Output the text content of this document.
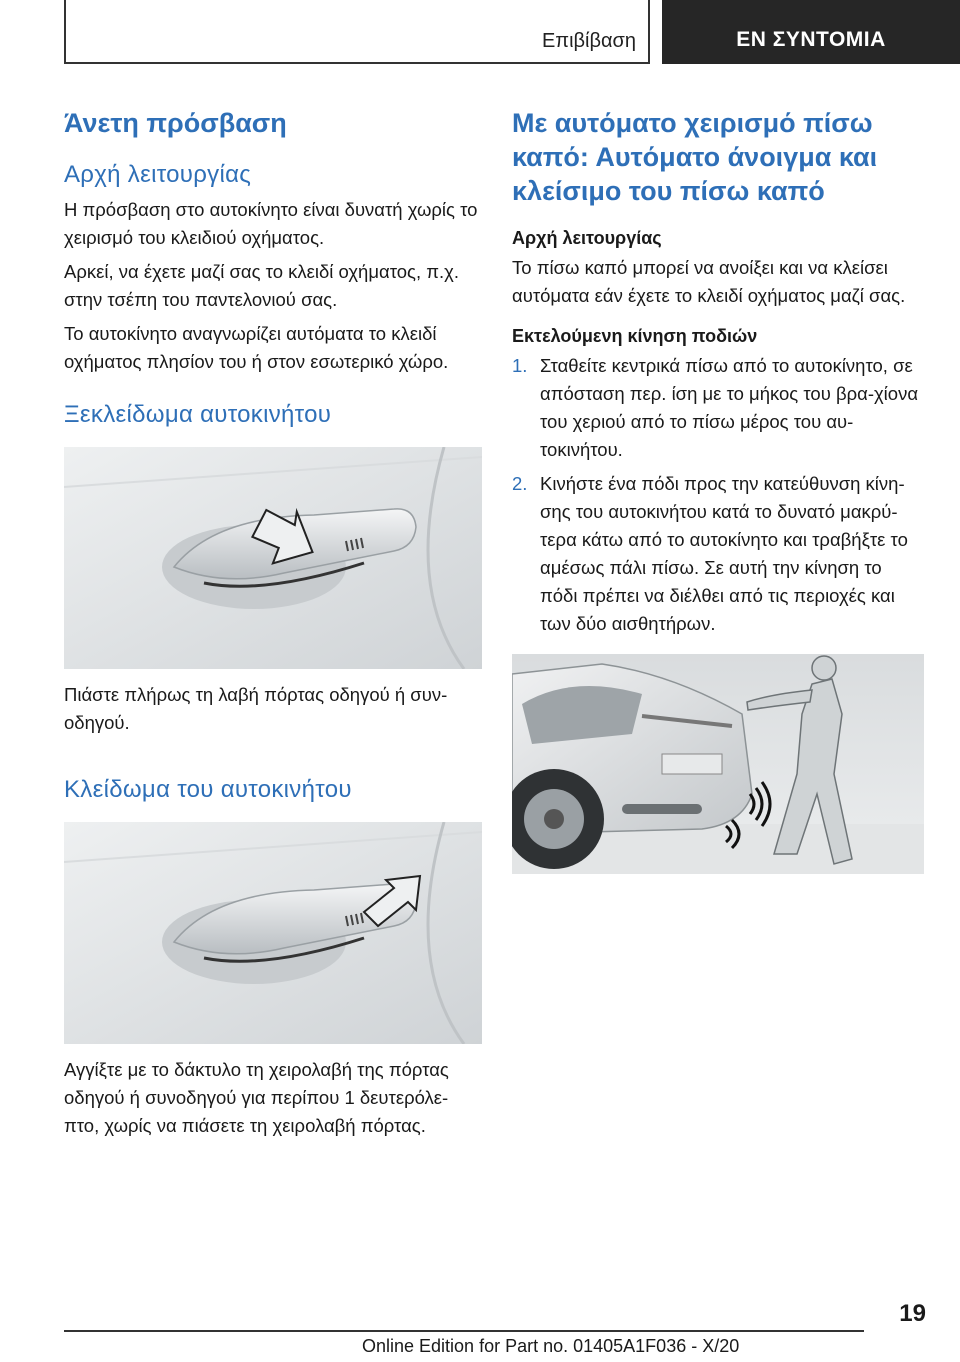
Επιβίβαση	ΕΝ ΣΥΝΤΟΜΙΑ
Άνετη πρόσβαση
Αρχή λειτουργίας

Η πρόσβαση στο αυτοκίνητο είναι δυνατή χωρίς το χειρισμό του κλειδιού οχήματος.

Αρκεί, να έχετε μαζί σας το κλειδί οχήματος, π.χ. στην τσέπη του παντελονιού σας.

Το αυτοκίνητο αναγνωρίζει αυτόματα το κλειδί οχήματος πλησίον του ή στον εσωτερικό χώρο.

Ξεκλείδωμα αυτοκινήτου

Πιάστε πλήρως τη λαβή πόρτας οδηγού ή συν‐οδηγού.

Κλείδωμα του αυτοκινήτου

Αγγίξτε με το δάκτυλο τη χειρολαβή της πόρτας οδηγού ή συνοδηγού για περίπου 1 δευτερόλε‐πτο, χωρίς να πιάσετε τη χειρολαβή πόρτας.

Με αυτόματο χειρισμό πίσω καπό: Αυτόματο άνοιγμα και κλείσιμο του πίσω καπό
Αρχή λειτουργίας

Το πίσω καπό μπορεί να ανοίξει και να κλείσει αυτόματα εάν έχετε το κλειδί οχήματος μαζί σας.

Εκτελούμενη κίνηση ποδιών
1. Σταθείτε κεντρικά πίσω από το αυτοκίνητο, σε απόσταση περ. ίση με το μήκος του βρα‐χίονα του χεριού από το πίσω μέρος του αυ‐τοκινήτου.
2. Κινήστε ένα πόδι προς την κατεύθυνση κίνη‐σης του αυτοκινήτου κατά το δυνατό μακρύ‐τερα κάτω από το αυτοκίνητο και τραβήξτε το αμέσως πάλι πίσω. Σε αυτή την κίνηση το πόδι πρέπει να διέλθει από τις περιοχές και των δύο αισθητήρων.
19
Online Edition for Part no. 01405A1F036 - X/20
